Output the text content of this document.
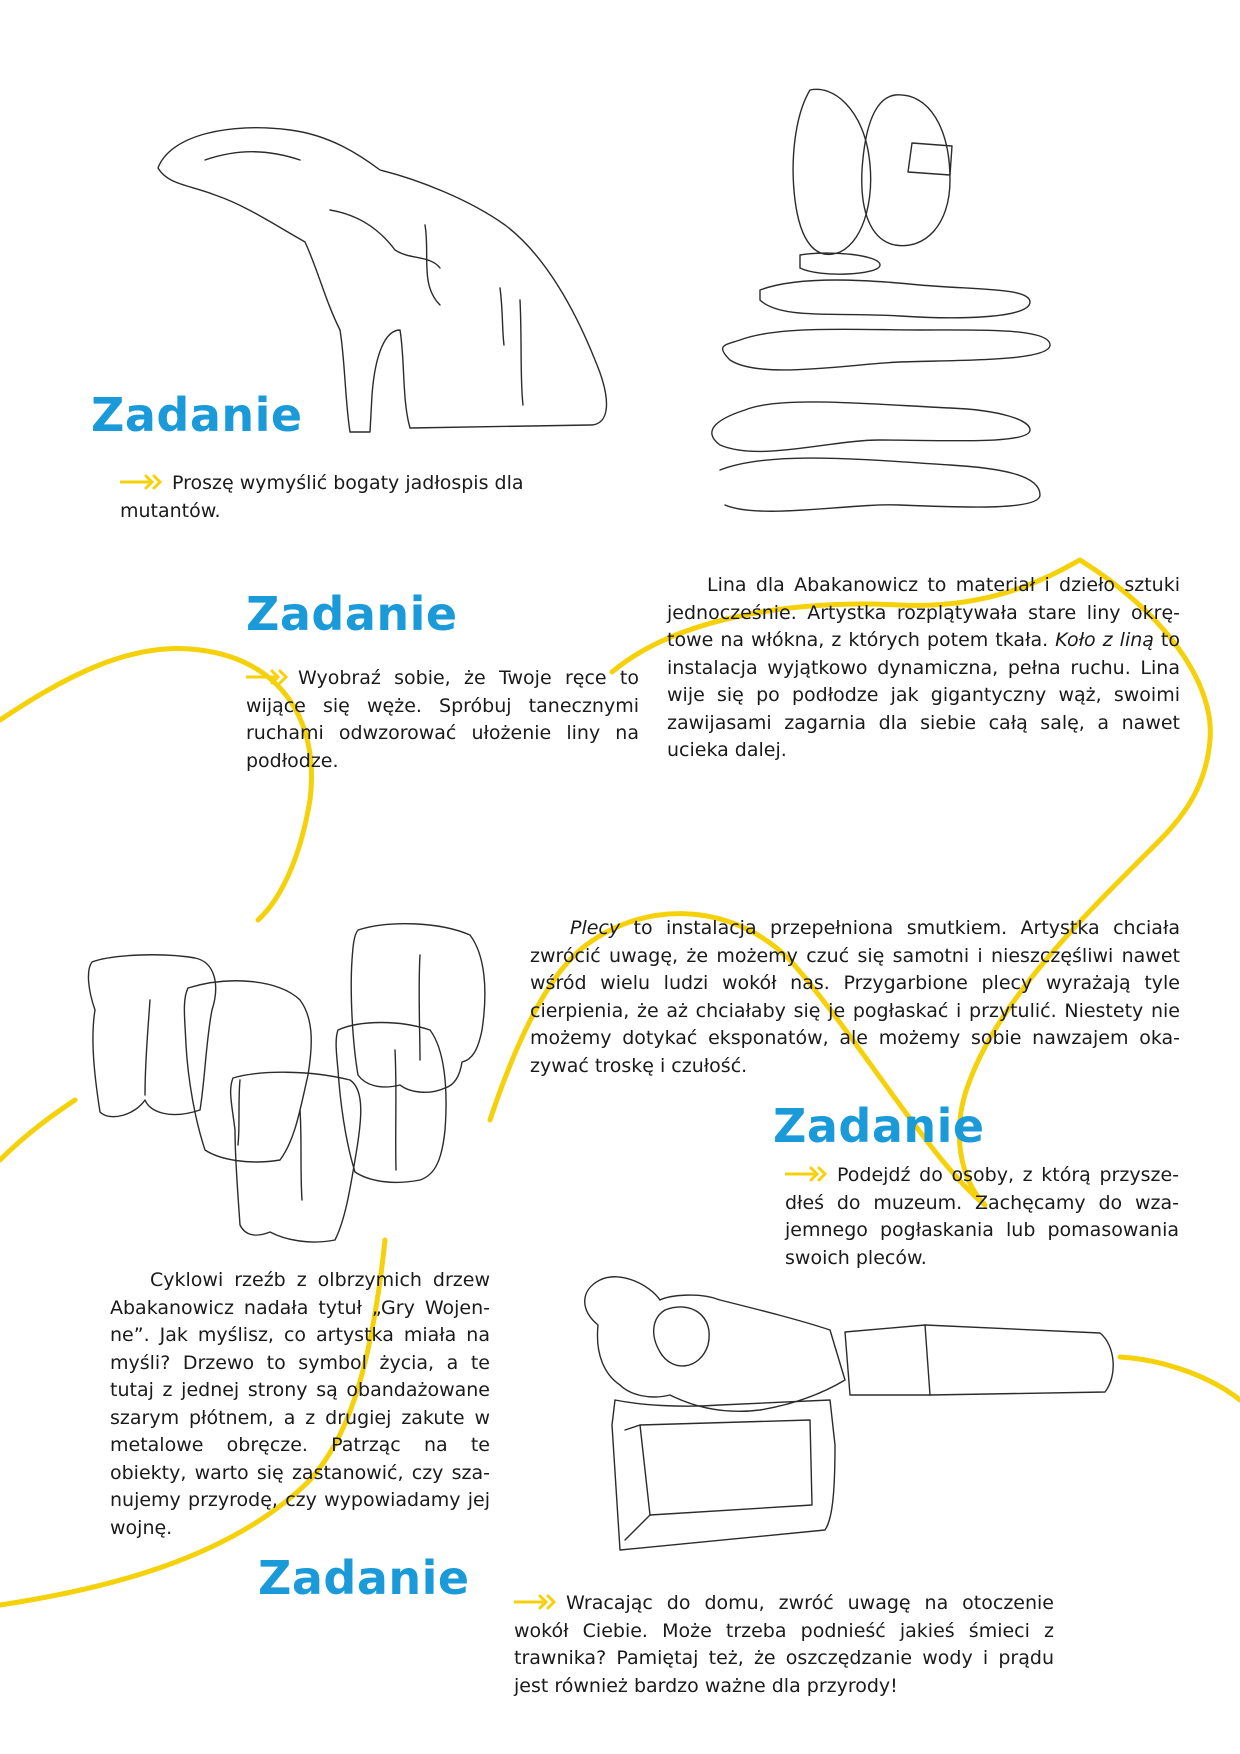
Zadanie

Proszę wymyślić bogaty jadłospis dla mutantów.

Zadanie

Wyobraź sobie, że Twoje ręce to wijące się węże. Spróbuj tanecznymi ruchami odwzorować ułożenie liny na podłodze.

Lina dla Abakanowicz to materiał i dzieło sztuki jednocześnie. Artystka rozplątywała stare liny okrętowe na włókna, z których potem tkała. Koło z liną to instalacja wyjątkowo dynamiczna, pełna ruchu. Lina wije się po podłodze jak gigantyczny wąż, swoimi zawijasami zagarnia dla siebie całą salę, a nawet ucieka dalej.

Plecy to instalacja przepełniona smutkiem. Artystka chciała zwrócić uwagę, że możemy czuć się samotni i nieszczęśliwi nawet wśród wielu ludzi wokół nas. Przygarbione plecy wyrażają tyle cierpienia, że aż chciałaby się je pogłaskać i przytulić. Niestety nie możemy dotykać eksponatów, ale możemy sobie nawzajem okazywać troskę i czułość.

Zadanie

Podejdź do osoby, z którą przyszedłeś do muzeum. Zachęcamy do wzajemnego pogłaskania lub pomasowania swoich pleców.

Cyklowi rzeźb z olbrzymich drzew Abakanowicz nadała tytuł „Gry Wojenne”. Jak myślisz, co artystka miała na myśli? Drzewo to symbol życia, a te tutaj z jednej strony są obandażowane szarym płótnem, a z drugiej zakute w metalowe obręcze. Patrząc na te obiekty, warto się zastanowić, czy szanujemy przyrodę, czy wypowiadamy jej wojnę.

Zadanie	Wracając do domu, zwróć uwagę na otoczenie wokół Ciebie. Może trzeba podnieść jakieś śmieci z trawnika? Pamiętaj też, że oszczędzanie wody i prądu jest również bardzo ważne dla przyrody!
